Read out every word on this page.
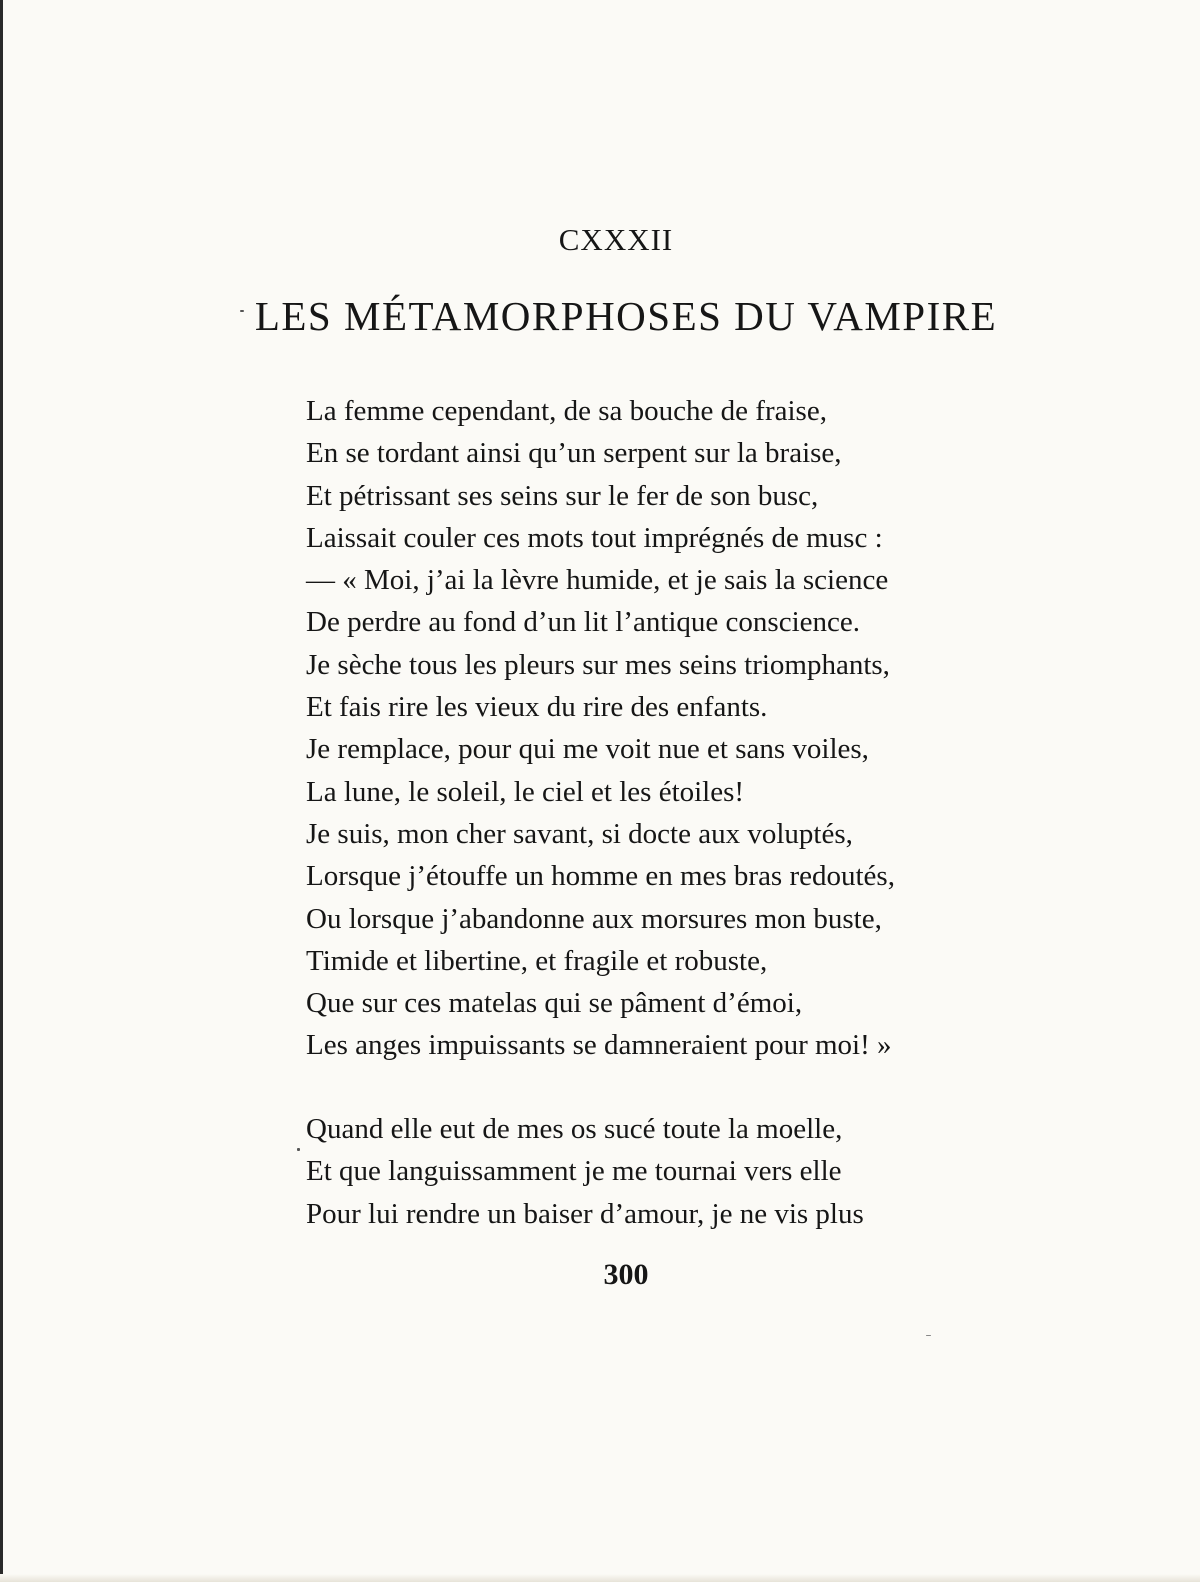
CXXXII
LES MÉTAMORPHOSES DU VAMPIRE
La femme cependant, de sa bouche de fraise,
En se tordant ainsi qu’un serpent sur la braise,
Et pétrissant ses seins sur le fer de son busc,
Laissait couler ces mots tout imprégnés de musc :
— « Moi, j’ai la lèvre humide, et je sais la science
De perdre au fond d’un lit l’antique conscience.
Je sèche tous les pleurs sur mes seins triomphants,
Et fais rire les vieux du rire des enfants.
Je remplace, pour qui me voit nue et sans voiles,
La lune, le soleil, le ciel et les étoiles!
Je suis, mon cher savant, si docte aux voluptés,
Lorsque j’étouffe un homme en mes bras redoutés,
Ou lorsque j’abandonne aux morsures mon buste,
Timide et libertine, et fragile et robuste,
Que sur ces matelas qui se pâment d’émoi,
Les anges impuissants se damneraient pour moi! »
Quand elle eut de mes os sucé toute la moelle,
Et que languissamment je me tournai vers elle
Pour lui rendre un baiser d’amour, je ne vis plus
300
